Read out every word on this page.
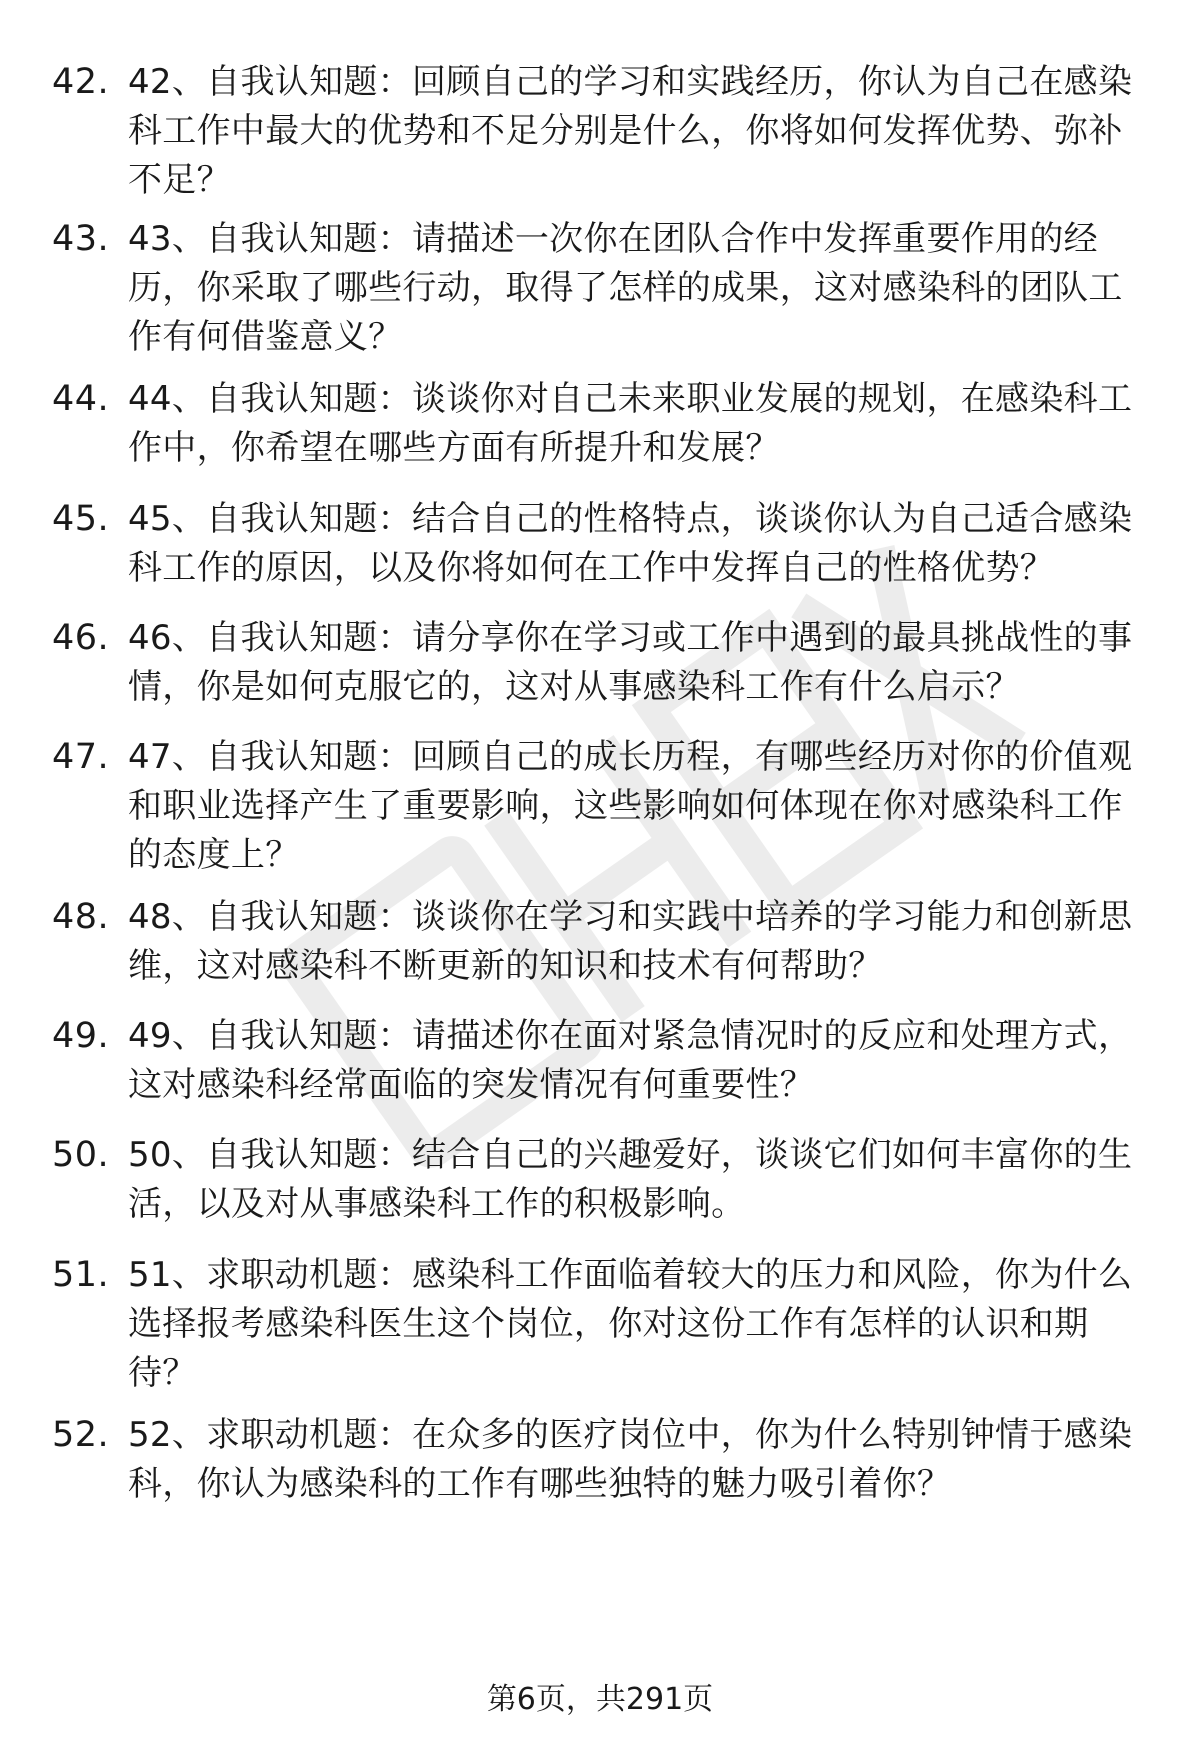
42. 42、自我认知题：回顾自己的学习和实践经历，你认为自己在感染科工作中最大的优势和不足分别是什么，你将如何发挥优势、弥补不足？
43. 43、自我认知题：请描述一次你在团队合作中发挥重要作用的经历，你采取了哪些行动，取得了怎样的成果，这对感染科的团队工作有何借鉴意义？
44. 44、自我认知题：谈谈你对自己未来职业发展的规划，在感染科工作中，你希望在哪些方面有所提升和发展？
45. 45、自我认知题：结合自己的性格特点，谈谈你认为自己适合感染科工作的原因，以及你将如何在工作中发挥自己的性格优势？
46. 46、自我认知题：请分享你在学习或工作中遇到的最具挑战性的事情，你是如何克服它的，这对从事感染科工作有什么启示？
47. 47、自我认知题：回顾自己的成长历程，有哪些经历对你的价值观和职业选择产生了重要影响，这些影响如何体现在你对感染科工作的态度上？
48. 48、自我认知题：谈谈你在学习和实践中培养的学习能力和创新思维，这对感染科不断更新的知识和技术有何帮助？
49. 49、自我认知题：请描述你在面对紧急情况时的反应和处理方式，这对感染科经常面临的突发情况有何重要性？
50. 50、自我认知题：结合自己的兴趣爱好，谈谈它们如何丰富你的生活，以及对从事感染科工作的积极影响。
51. 51、求职动机题：感染科工作面临着较大的压力和风险，你为什么选择报考感染科医生这个岗位，你对这份工作有怎样的认识和期待？
52. 52、求职动机题：在众多的医疗岗位中，你为什么特别钟情于感染科，你认为感染科的工作有哪些独特的魅力吸引着你？
第6页，共291页
